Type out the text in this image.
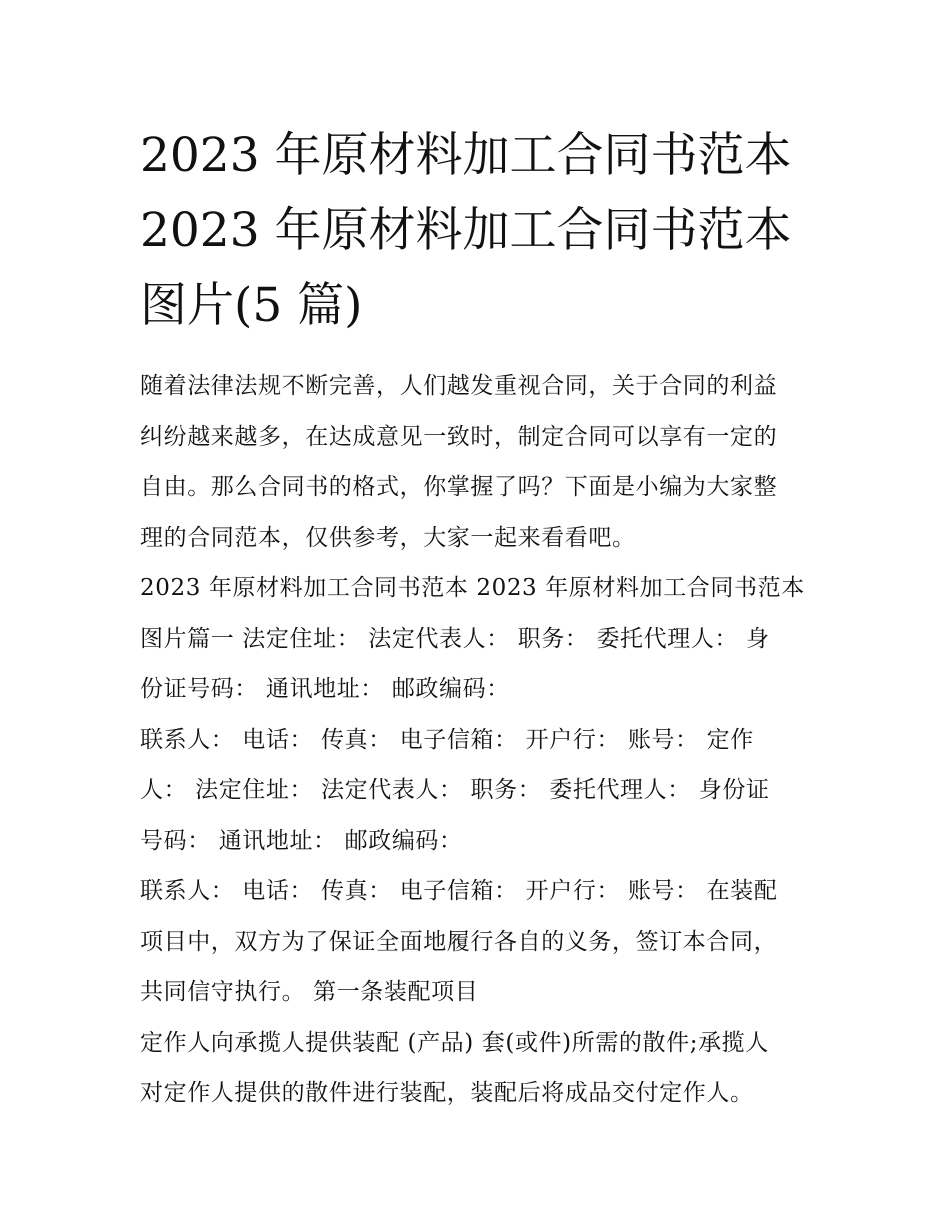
2023 年原材料加工合同书范本
2023 年原材料加工合同书范本
图片(5 篇)

随着法律法规不断完善，人们越发重视合同，关于合同的利益
纠纷越来越多，在达成意见一致时，制定合同可以享有一定的
自由。那么合同书的格式，你掌握了吗？下面是小编为大家整
理的合同范本，仅供参考，大家一起来看看吧。

2023 年原材料加工合同书范本 2023 年原材料加工合同书范本
图片篇一 法定住址： 法定代表人： 职务： 委托代理人： 身
份证号码： 通讯地址： 邮政编码：

联系人： 电话： 传真： 电子信箱： 开户行： 账号： 定作
人： 法定住址： 法定代表人： 职务： 委托代理人： 身份证
号码： 通讯地址： 邮政编码：

联系人： 电话： 传真： 电子信箱： 开户行： 账号： 在装配
项目中，双方为了保证全面地履行各自的义务，签订本合同，
共同信守执行。 第一条装配项目

定作人向承揽人提供装配 (产品) 套(或件)所需的散件;承揽人
对定作人提供的散件进行装配，装配后将成品交付定作人。
